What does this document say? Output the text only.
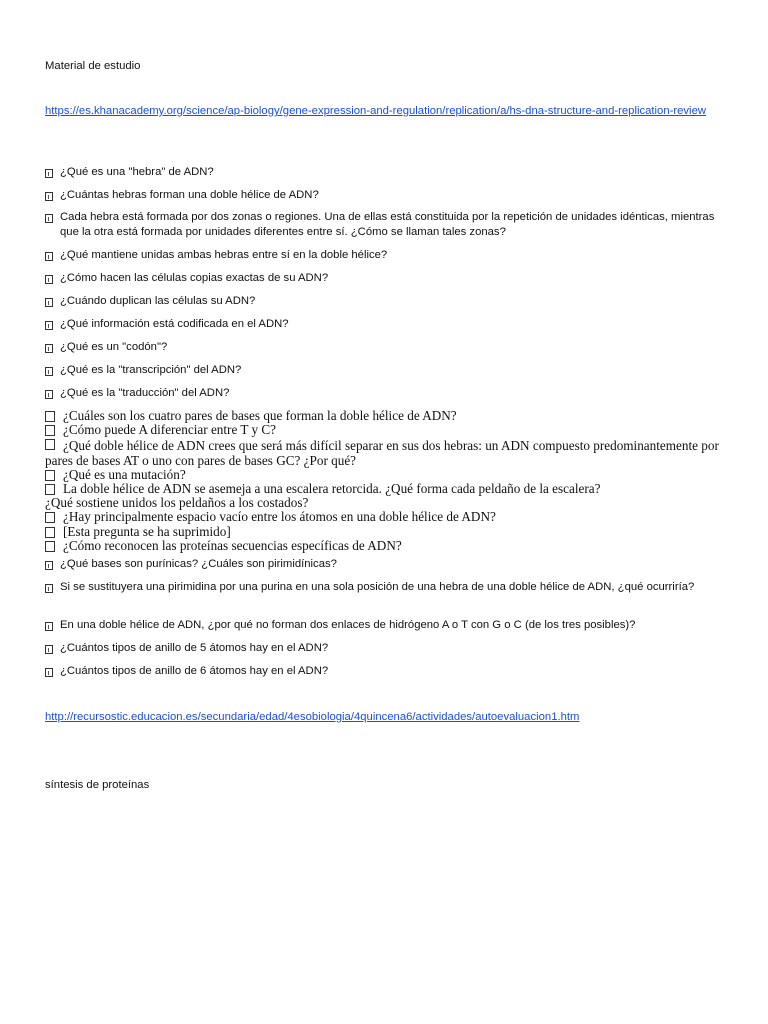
Material de estudio
https://es.khanacademy.org/science/ap-biology/gene-expression-and-regulation/replication/a/hs-dna-structure-and-replication-review
¿Qué es una "hebra" de ADN?
¿Cuántas hebras forman una doble hélice de ADN?
Cada hebra está formada por dos zonas o regiones. Una de ellas está constituida por la repetición de unidades idénticas, mientras que la otra está formada por unidades diferentes entre sí. ¿Cómo se llaman tales zonas?
¿Qué mantiene unidas ambas hebras entre sí en la doble hélice?
¿Cómo hacen las células copias exactas de su ADN?
¿Cuándo duplican las células su ADN?
¿Qué información está codificada en el ADN?
¿Qué es un "codón"?
¿Qué es la "transcripción" del ADN?
¿Qué es la "traducción" del ADN?
¿Cuáles son los cuatro pares de bases que forman la doble hélice de ADN?
¿Cómo puede A diferenciar entre T y C?
¿Qué doble hélice de ADN crees que será más difícil separar en sus dos hebras: un ADN compuesto predominantemente por pares de bases AT o uno con pares de bases GC? ¿Por qué?
¿Qué es una mutación?
La doble hélice de ADN se asemeja a una escalera retorcida. ¿Qué forma cada peldaño de la escalera?
¿Qué sostiene unidos los peldaños a los costados?
¿Hay principalmente espacio vacío entre los átomos en una doble hélice de ADN?
[Esta pregunta se ha suprimido]
¿Cómo reconocen las proteínas secuencias específicas de ADN?
¿Qué bases son purínicas? ¿Cuáles son pirimidínicas?
Si se sustituyera una pirimidina por una purina en una sola posición de una hebra de una doble hélice de ADN, ¿qué ocurriría?
En una doble hélice de ADN, ¿por qué no forman dos enlaces de hidrógeno A o T con G o C (de los tres posibles)?
¿Cuántos tipos de anillo de 5 átomos hay en el ADN?
¿Cuántos tipos de anillo de 6 átomos hay en el ADN?
http://recursostic.educacion.es/secundaria/edad/4esobiologia/4quincena6/actividades/autoevaluacion1.htm
síntesis de proteínas
